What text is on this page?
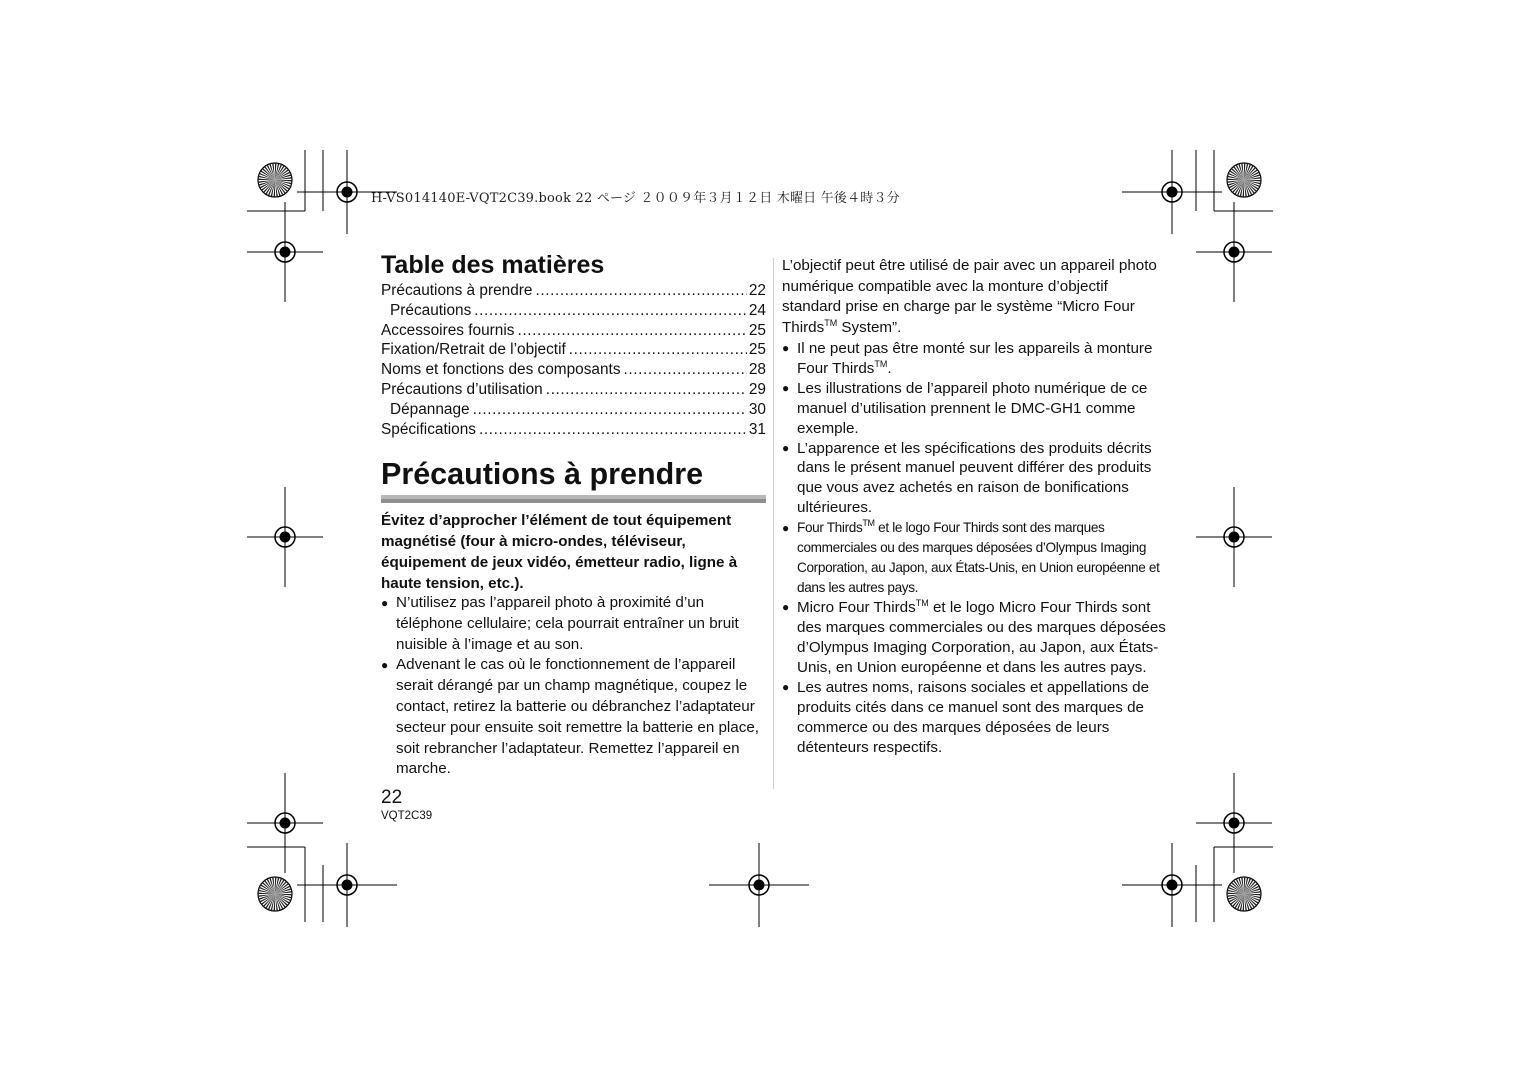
H-VS014140E-VQT2C39.book 22 ページ ２００９年３月１２日 木曜日 午後４時３分
Table des matières
Précautions à prendre .....	22
Précautions .....	24
Accessoires fournis .....	25
Fixation/Retrait de l’objectif .....	25
Noms et fonctions des composants .....	28
Précautions d’utilisation .....	29
Dépannage .....	30
Spécifications .....	31
Précautions à prendre

Évitez d’approcher l’élément de tout équipement magnétisé (four à micro-ondes, téléviseur, équipement de jeux vidéo, émetteur radio, ligne à haute tension, etc.).

● N’utilisez pas l’appareil photo à proximité d’un téléphone cellulaire; cela pourrait entraîner un bruit nuisible à l’image et au son.
● Advenant le cas où le fonctionnement de l’appareil serait dérangé par un champ magnétique, coupez le contact, retirez la batterie ou débranchez l’adaptateur secteur pour ensuite soit remettre la batterie en place, soit rebrancher l’adaptateur. Remettez l’appareil en marche.
22
VQT2C39

L’objectif peut être utilisé de pair avec un appareil photo numérique compatible avec la monture d’objectif standard prise en charge par le système “Micro Four Thirds™ System”.

● Il ne peut pas être monté sur les appareils à monture Four Thirds™.
● Les illustrations de l’appareil photo numérique de ce manuel d’utilisation prennent le DMC-GH1 comme exemple.
● L’apparence et les spécifications des produits décrits dans le présent manuel peuvent différer des produits que vous avez achetés en raison de bonifications ultérieures.
● Four Thirds™ et le logo Four Thirds sont des marques commerciales ou des marques déposées d’Olympus Imaging Corporation, au Japon, aux États-Unis, en Union européenne et dans les autres pays.
● Micro Four Thirds™ et le logo Micro Four Thirds sont des marques commerciales ou des marques déposées d’Olympus Imaging Corporation, au Japon, aux États-Unis, en Union européenne et dans les autres pays.
● Les autres noms, raisons sociales et appellations de produits cités dans ce manuel sont des marques de commerce ou des marques déposées de leurs détenteurs respectifs.
